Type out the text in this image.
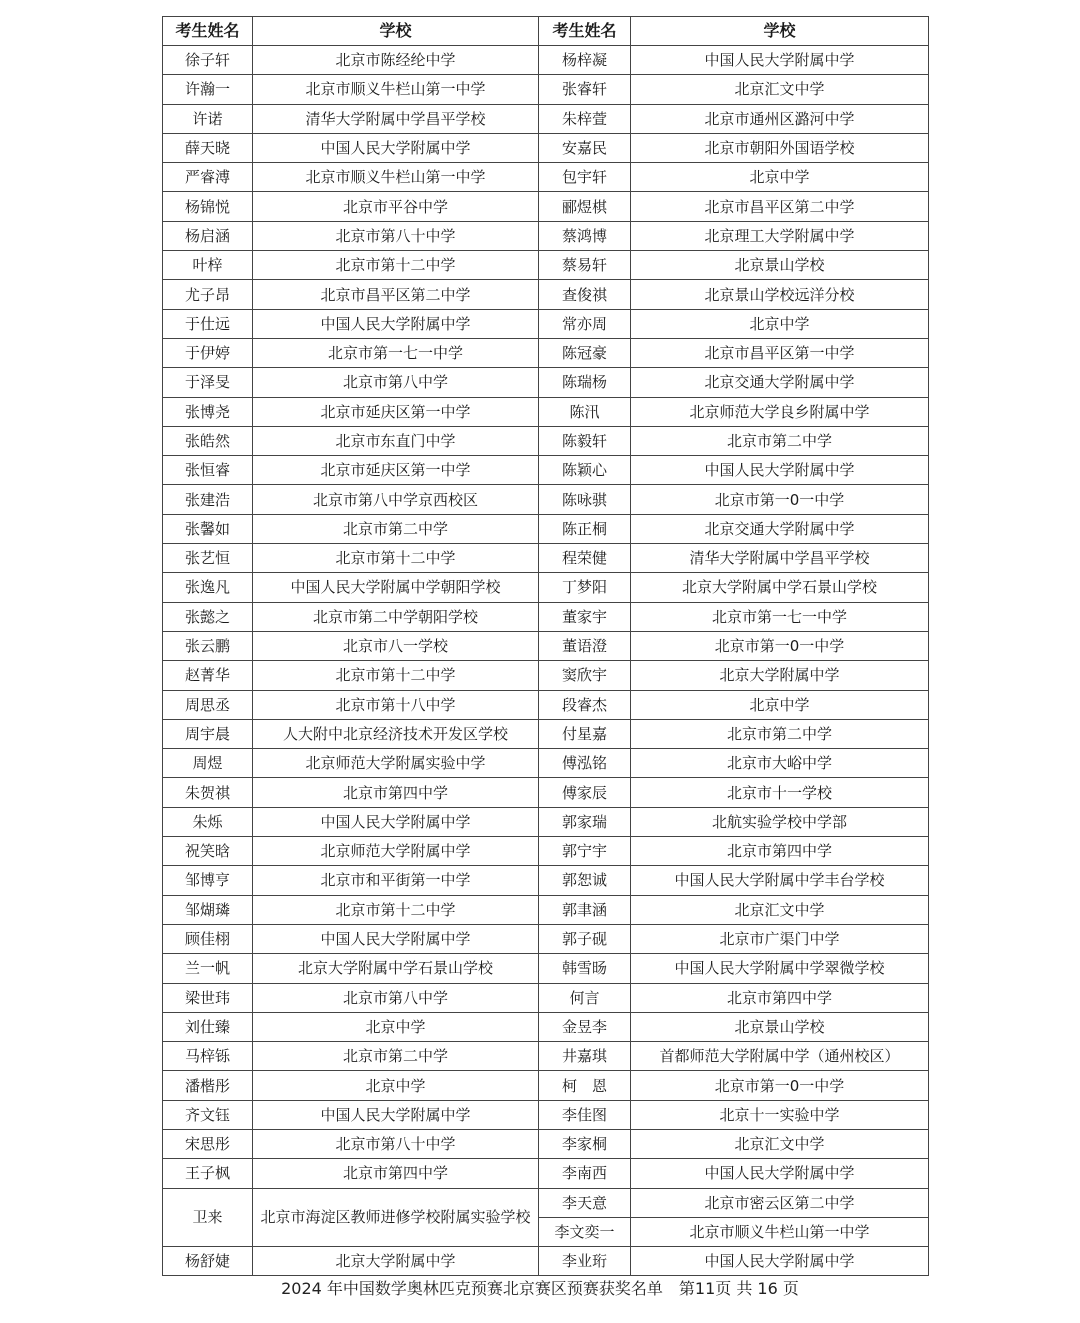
考生姓名	学校	考生姓名	学校
徐子轩	北京市陈经纶中学	杨梓凝	中国人民大学附属中学
许瀚一	北京市顺义牛栏山第一中学	张睿轩	北京汇文中学
许诺	清华大学附属中学昌平学校	朱梓萱	北京市通州区潞河中学
薛天晓	中国人民大学附属中学	安嘉民	北京市朝阳外国语学校
严睿溥	北京市顺义牛栏山第一中学	包宇轩	北京中学
杨锦悦	北京市平谷中学	郦煜棋	北京市昌平区第二中学
杨启涵	北京市第八十中学	蔡鸿博	北京理工大学附属中学
叶梓	北京市第十二中学	蔡易轩	北京景山学校
尤子昂	北京市昌平区第二中学	查俊祺	北京景山学校远洋分校
于仕远	中国人民大学附属中学	常亦周	北京中学
于伊婷	北京市第一七一中学	陈冠豪	北京市昌平区第一中学
于泽旻	北京市第八中学	陈瑞杨	北京交通大学附属中学
张博尧	北京市延庆区第一中学	陈汛	北京师范大学良乡附属中学
张皓然	北京市东直门中学	陈毅轩	北京市第二中学
张恒睿	北京市延庆区第一中学	陈颖心	中国人民大学附属中学
张建浩	北京市第八中学京西校区	陈咏骐	北京市第一0一中学
张馨如	北京市第二中学	陈正桐	北京交通大学附属中学
张艺恒	北京市第十二中学	程荣健	清华大学附属中学昌平学校
张逸凡	中国人民大学附属中学朝阳学校	丁梦阳	北京大学附属中学石景山学校
张懿之	北京市第二中学朝阳学校	董家宇	北京市第一七一中学
张云鹏	北京市八一学校	董语澄	北京市第一0一中学
赵菁华	北京市第十二中学	窦欣宇	北京大学附属中学
周思丞	北京市第十八中学	段睿杰	北京中学
周宇晨	人大附中北京经济技术开发区学校	付星嘉	北京市第二中学
周煜	北京师范大学附属实验中学	傅泓铭	北京市大峪中学
朱贺祺	北京市第四中学	傅家辰	北京市十一学校
朱烁	中国人民大学附属中学	郭家瑞	北航实验学校中学部
祝笑晗	北京师范大学附属中学	郭宁宇	北京市第四中学
邹博亨	北京市和平街第一中学	郭恕诚	中国人民大学附属中学丰台学校
邹煳璘	北京市第十二中学	郭聿涵	北京汇文中学
顾佳栩	中国人民大学附属中学	郭子砚	北京市广渠门中学
兰一帆	北京大学附属中学石景山学校	韩雪旸	中国人民大学附属中学翠微学校
梁世玮	北京市第八中学	何言	北京市第四中学
刘仕臻	北京中学	金昱李	北京景山学校
马梓铄	北京市第二中学	井嘉琪	首都师范大学附属中学（通州校区）
潘楷彤	北京中学	柯　恩	北京市第一0一中学
齐文钰	中国人民大学附属中学	李佳图	北京十一实验中学
宋思彤	北京市第八十中学	李家桐	北京汇文中学
王子枫	北京市第四中学	李南西	中国人民大学附属中学
卫来	北京市海淀区教师进修学校附属实验学校	李天意	北京市密云区第二中学
		李文奕一	北京市顺义牛栏山第一中学
杨舒婕	北京大学附属中学	李业珩	中国人民大学附属中学
2024 年中国数学奥林匹克预赛北京赛区预赛获奖名单　第11页 共 16 页
